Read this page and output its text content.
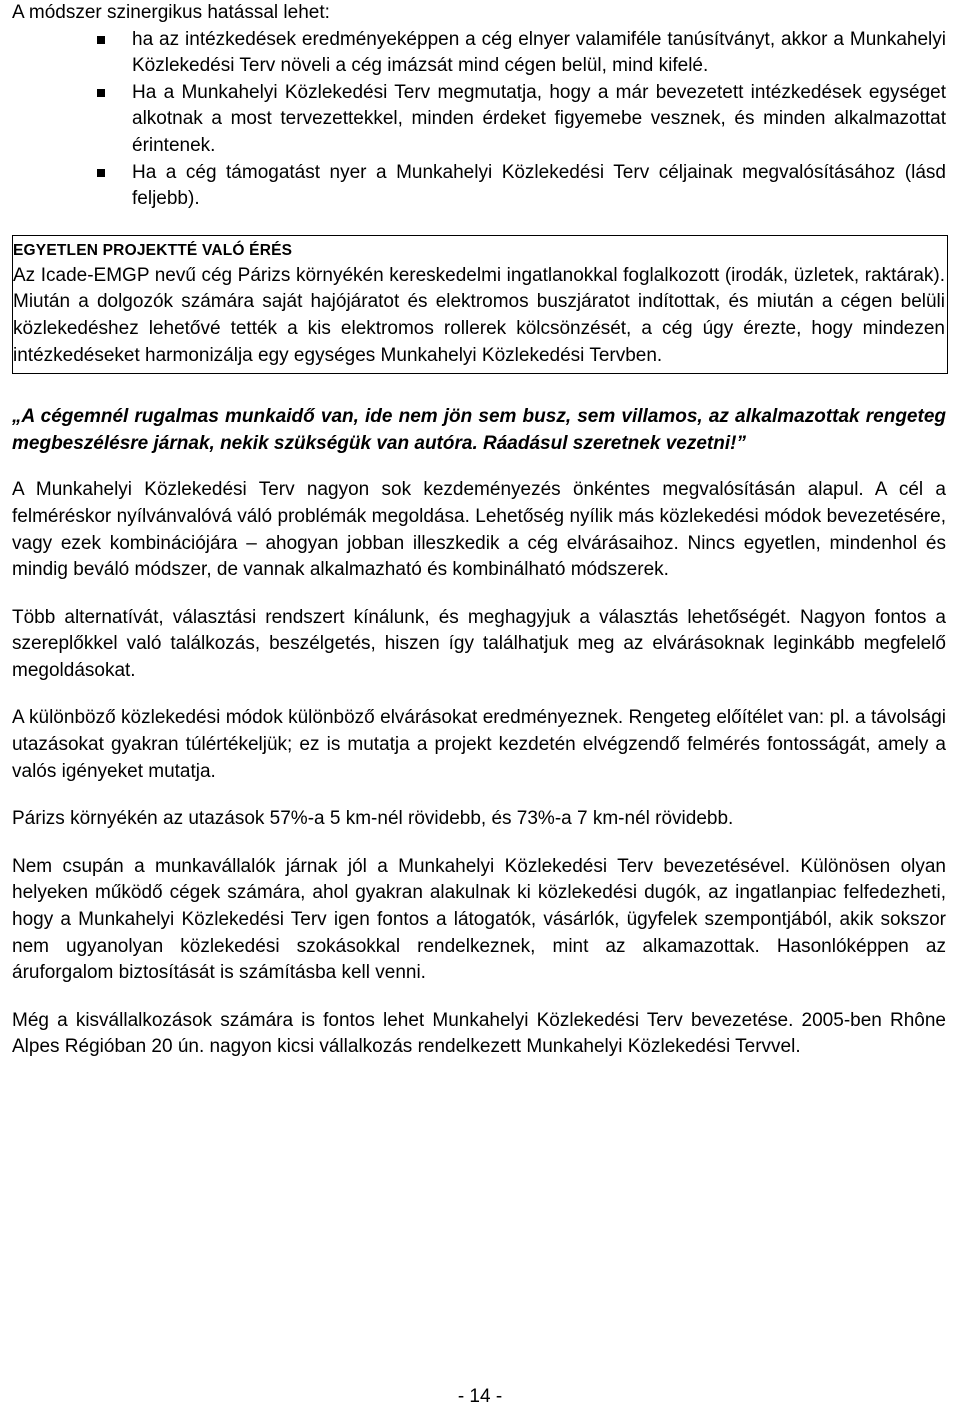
A módszer szinergikus hatással lehet:

ha az intézkedések eredményeképpen a cég elnyer valamiféle tanúsítványt, akkor a Munkahelyi Közlekedési Terv növeli a cég imázsát mind cégen belül, mind kifelé.
Ha a Munkahelyi Közlekedési Terv megmutatja, hogy a már bevezetett intézkedések egységet alkotnak a most tervezettekkel, minden érdeket figyemebe vesznek, és minden alkalmazottat érintenek.
Ha a cég támogatást nyer a Munkahelyi Közlekedési Terv céljainak megvalósításához (lásd feljebb).

EGYETLEN PROJEKTTÉ VALÓ ÉRÉS

Az Icade-EMGP nevű cég Párizs környékén kereskedelmi ingatlanokkal foglalkozott (irodák, üzletek, raktárak). Miután a dolgozók számára saját hajójáratot és elektromos buszjáratot indítottak, és miután a cégen belüli közlekedéshez lehetővé tették a kis elektromos rollerek kölcsönzését, a cég úgy érezte, hogy mindezen intézkedéseket harmonizálja egy egységes Munkahelyi Közlekedési Tervben.

„A cégemnél rugalmas munkaidő van, ide nem jön sem busz, sem villamos, az alkalmazottak rengeteg megbeszélésre járnak, nekik szükségük van autóra. Ráadásul szeretnek vezetni!”

A Munkahelyi Közlekedési Terv nagyon sok kezdeményezés önkéntes megvalósításán alapul. A cél a felméréskor nyílvánvalóvá váló problémák megoldása. Lehetőség nyílik más közlekedési módok bevezetésére, vagy ezek kombinációjára – ahogyan jobban illeszkedik a cég elvárásaihoz. Nincs egyetlen, mindenhol és mindig beváló módszer, de vannak alkalmazható és kombinálható módszerek.

Több alternatívát, választási rendszert kínálunk, és meghagyjuk a választás lehetőségét. Nagyon fontos a szereplőkkel való találkozás, beszélgetés, hiszen így találhatjuk meg az elvárásoknak leginkább megfelelő megoldásokat.

A különböző közlekedési módok különböző elvárásokat eredményeznek. Rengeteg előítélet van: pl. a távolsági utazásokat gyakran túlértékeljük; ez is mutatja a projekt kezdetén elvégzendő felmérés fontosságát, amely a valós igényeket mutatja.

Párizs környékén az utazások 57%-a 5 km-nél rövidebb, és 73%-a 7 km-nél rövidebb.

Nem csupán a munkavállalók járnak jól a Munkahelyi Közlekedési Terv bevezetésével. Különösen olyan helyeken működő cégek számára, ahol gyakran alakulnak ki közlekedési dugók, az ingatlanpiac felfedezheti, hogy a Munkahelyi Közlekedési Terv igen fontos a látogatók, vásárlók, ügyfelek szempontjából, akik sokszor nem ugyanolyan közlekedési szokásokkal rendelkeznek, mint az alkamazottak. Hasonlóképpen az áruforgalom biztosítását is számításba kell venni.

Még a kisvállalkozások számára is fontos lehet Munkahelyi Közlekedési Terv bevezetése. 2005-ben Rhône Alpes Régióban 20 ún. nagyon kicsi vállalkozás rendelkezett Munkahelyi Közlekedési Tervvel.

- 14 -
